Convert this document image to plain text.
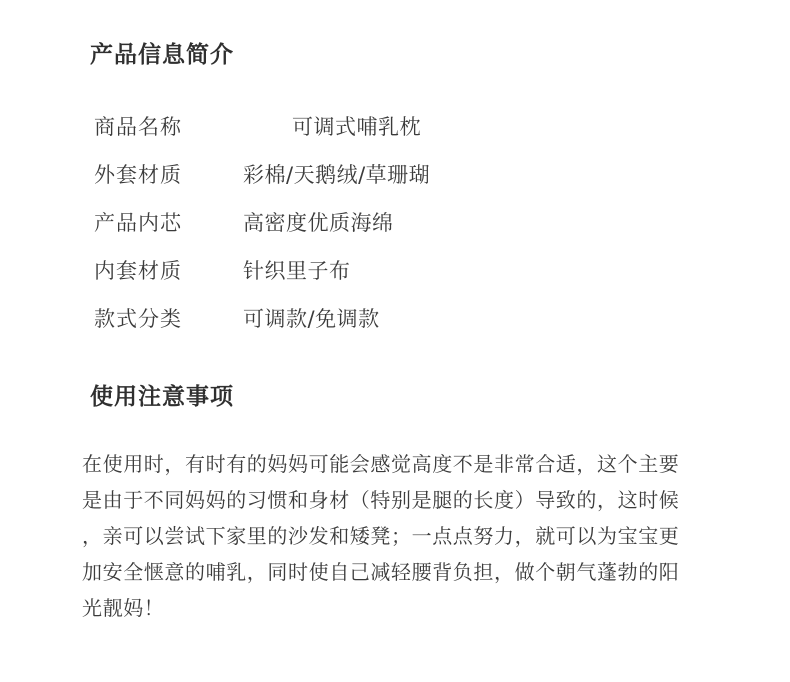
产品信息简介
商品名称	可调式哺乳枕
外套材质	彩棉/天鹅绒/草珊瑚
产品内芯	高密度优质海绵
内套材质	针织里子布
款式分类	可调款/免调款
使用注意事项
在使用时，有时有的妈妈可能会感觉高度不是非常合适，这个主要
是由于不同妈妈的习惯和身材（特别是腿的长度）导致的，这时候
，亲可以尝试下家里的沙发和矮凳；一点点努力，就可以为宝宝更
加安全惬意的哺乳，同时使自己减轻腰背负担，做个朝气蓬勃的阳
光靓妈！
